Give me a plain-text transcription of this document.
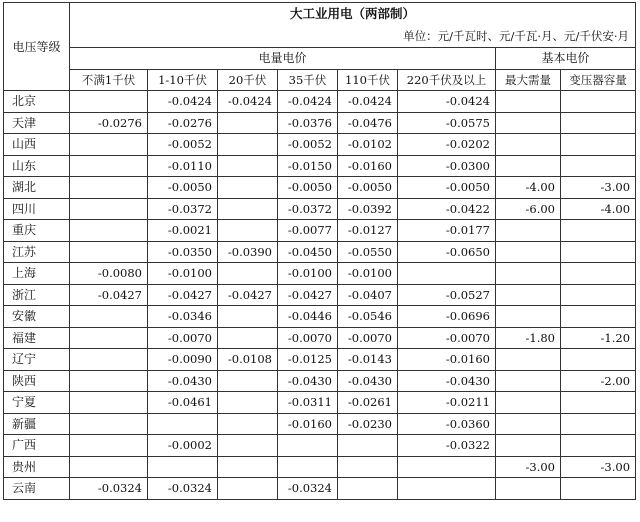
电压等级	大工业用电（两部制）							
	单位：元/千瓦时、元/千瓦·月、元/千伏安·月							
	电量电价						基本电价	
	不满1千伏	1-10千伏	20千伏	35千伏	110千伏	220千伏及以上	最大需量	变压器容量
北京		-0.0424	-0.0424	-0.0424	-0.0424	-0.0424		
天津	-0.0276	-0.0276		-0.0376	-0.0476	-0.0575		
山西		-0.0052		-0.0052	-0.0102	-0.0202		
山东		-0.0110		-0.0150	-0.0160	-0.0300		
湖北		-0.0050		-0.0050	-0.0050	-0.0050	-4.00	-3.00
四川		-0.0372		-0.0372	-0.0392	-0.0422	-6.00	-4.00
重庆		-0.0021		-0.0077	-0.0127	-0.0177		
江苏		-0.0350	-0.0390	-0.0450	-0.0550	-0.0650		
上海	-0.0080	-0.0100		-0.0100	-0.0100			
浙江	-0.0427	-0.0427	-0.0427	-0.0427	-0.0407	-0.0527		
安徽		-0.0346		-0.0446	-0.0546	-0.0696		
福建		-0.0070		-0.0070	-0.0070	-0.0070	-1.80	-1.20
辽宁		-0.0090	-0.0108	-0.0125	-0.0143	-0.0160		
陕西		-0.0430		-0.0430	-0.0430	-0.0430		-2.00
宁夏		-0.0461		-0.0311	-0.0261	-0.0211		
新疆				-0.0160	-0.0230	-0.0360		
广西		-0.0002				-0.0322		
贵州							-3.00	-3.00
云南	-0.0324	-0.0324		-0.0324				
